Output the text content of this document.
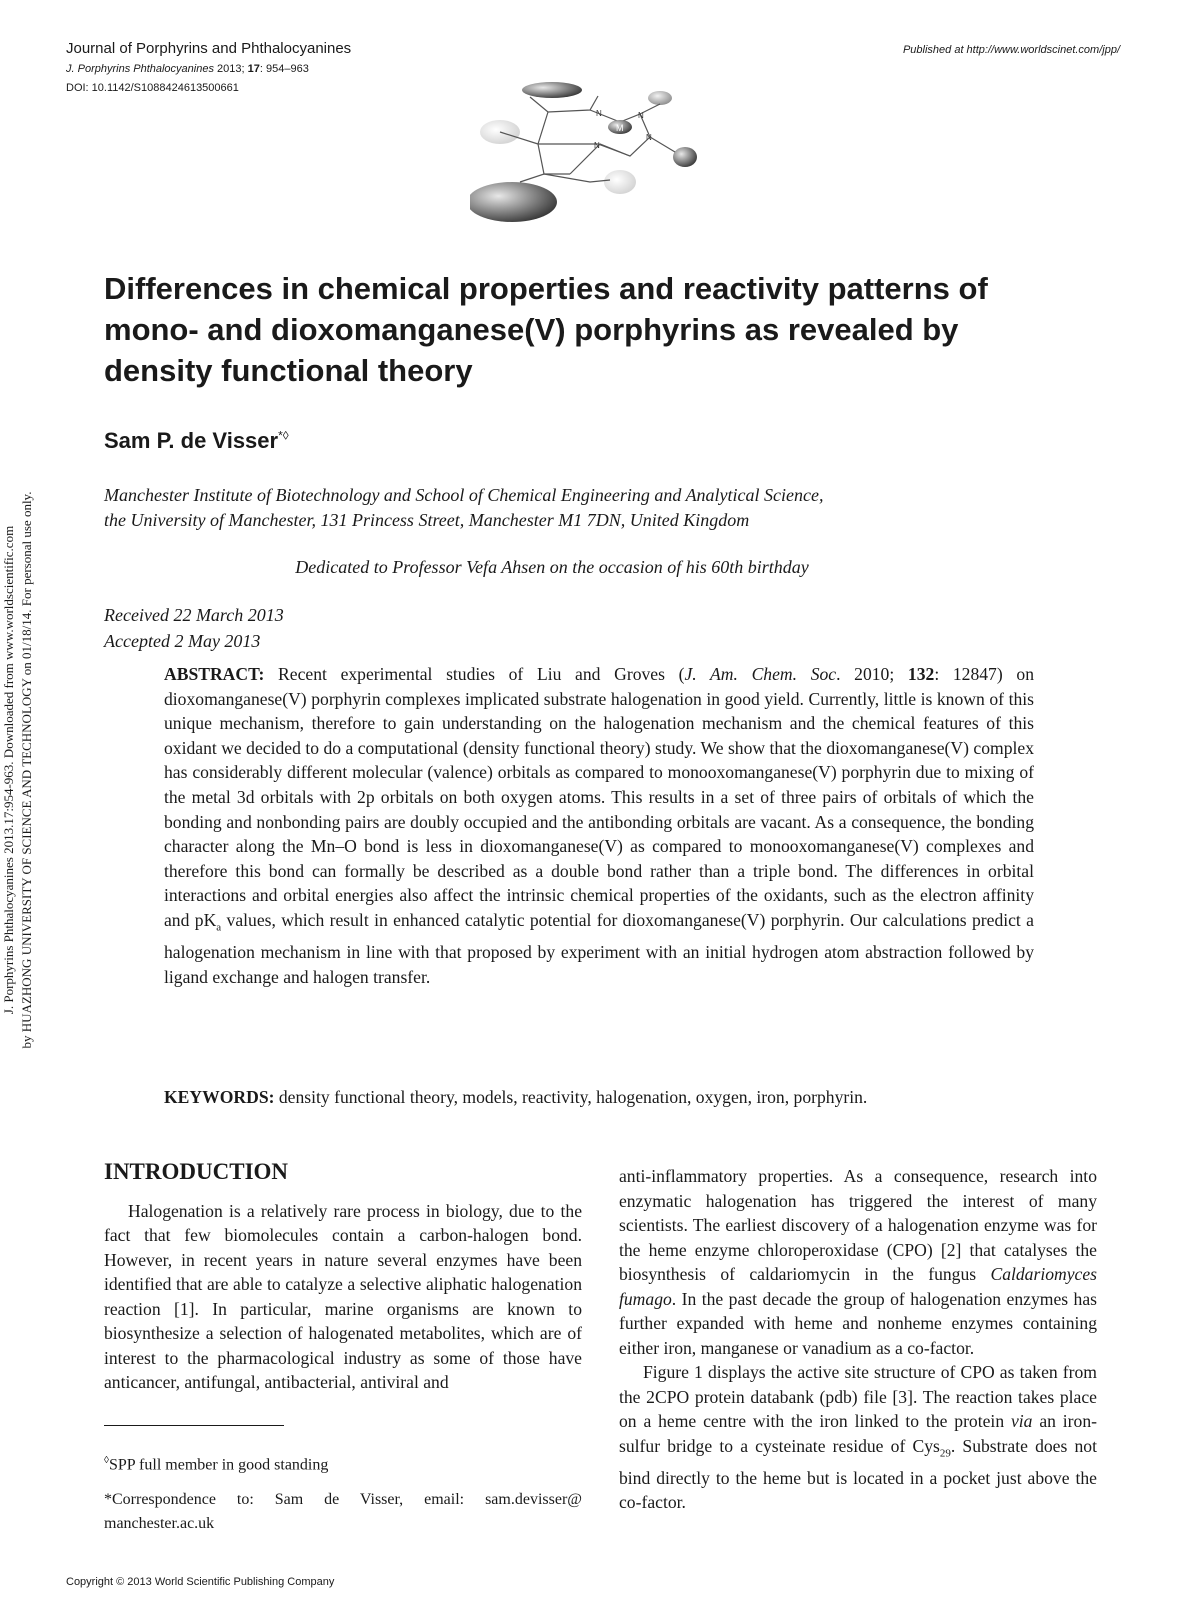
Journal of Porphyrins and Phthalocyanines
J. Porphyrins Phthalocyanines 2013; 17: 954–963
DOI: 10.1142/S1088424613500661
Published at http://www.worldscinet.com/jpp/
M
N	N
N
N
J. Porphyrins Phthalocyanines 2013.17:954-963. Downloaded from www.worldscientific.com by HUAZHONG UNIVERSITY OF SCIENCE AND TECHNOLOGY on 01/18/14. For personal use only.
Differences in chemical properties and reactivity patterns of mono- and dioxomanganese(V) porphyrins as revealed by density functional theory
Sam P. de Visser*◊
Manchester Institute of Biotechnology and School of Chemical Engineering and Analytical Science,
the University of Manchester, 131 Princess Street, Manchester M1 7DN, United Kingdom
Dedicated to Professor Vefa Ahsen on the occasion of his 60th birthday
Received 22 March 2013
Accepted 2 May 2013
ABSTRACT: Recent experimental studies of Liu and Groves (J. Am. Chem. Soc. 2010; 132: 12847) on dioxomanganese(V) porphyrin complexes implicated substrate halogenation in good yield. Currently, little is known of this unique mechanism, therefore to gain understanding on the halogenation mechanism and the chemical features of this oxidant we decided to do a computational (density functional theory) study. We show that the dioxomanganese(V) complex has considerably different molecular (valence) orbitals as compared to monooxomanganese(V) porphyrin due to mixing of the metal 3d orbitals with 2p orbitals on both oxygen atoms. This results in a set of three pairs of orbitals of which the bonding and nonbonding pairs are doubly occupied and the antibonding orbitals are vacant. As a consequence, the bonding character along the Mn–O bond is less in dioxomanganese(V) as compared to monooxomanganese(V) complexes and therefore this bond can formally be described as a double bond rather than a triple bond. The differences in orbital interactions and orbital energies also affect the intrinsic chemical properties of the oxidants, such as the electron affinity and $pK_a$ values, which result in enhanced catalytic potential for dioxomanganese(V) porphyrin. Our calculations predict a halogenation mechanism in line with that proposed by experiment with an initial hydrogen atom abstraction followed by ligand exchange and halogen transfer.
KEYWORDS: density functional theory, models, reactivity, halogenation, oxygen, iron, porphyrin.
INTRODUCTION

Halogenation is a relatively rare process in biology, due to the fact that few biomolecules contain a carbon-halogen bond. However, in recent years in nature several enzymes have been identified that are able to catalyze a selective aliphatic halogenation reaction [1]. In particular, marine organisms are known to biosynthesize a selection of halogenated metabolites, which are of interest to the pharmacological industry as some of those have anticancer, antifungal, antibacterial, antiviral and

anti-inflammatory properties. As a consequence, research into enzymatic halogenation has triggered the interest of many scientists. The earliest discovery of a halogenation enzyme was for the heme enzyme chloroperoxidase (CPO) [2] that catalyses the biosynthesis of caldariomycin in the fungus Caldariomyces fumago. In the past decade the group of halogenation enzymes has further expanded with heme and nonheme enzymes containing either iron, manganese or vanadium as a co-factor.

Figure 1 displays the active site structure of CPO as taken from the 2CPO protein databank (pdb) file [3]. The reaction takes place on a heme centre with the iron linked to the protein via an iron-sulfur bridge to a cysteinate residue of Cys$_{29}$. Substrate does not bind directly to the heme but is located in a pocket just above the co-factor.

◊SPP full member in good standing
*Correspondence to: Sam de Visser, email: sam.devisser@ manchester.ac.uk
Copyright © 2013 World Scientific Publishing Company
